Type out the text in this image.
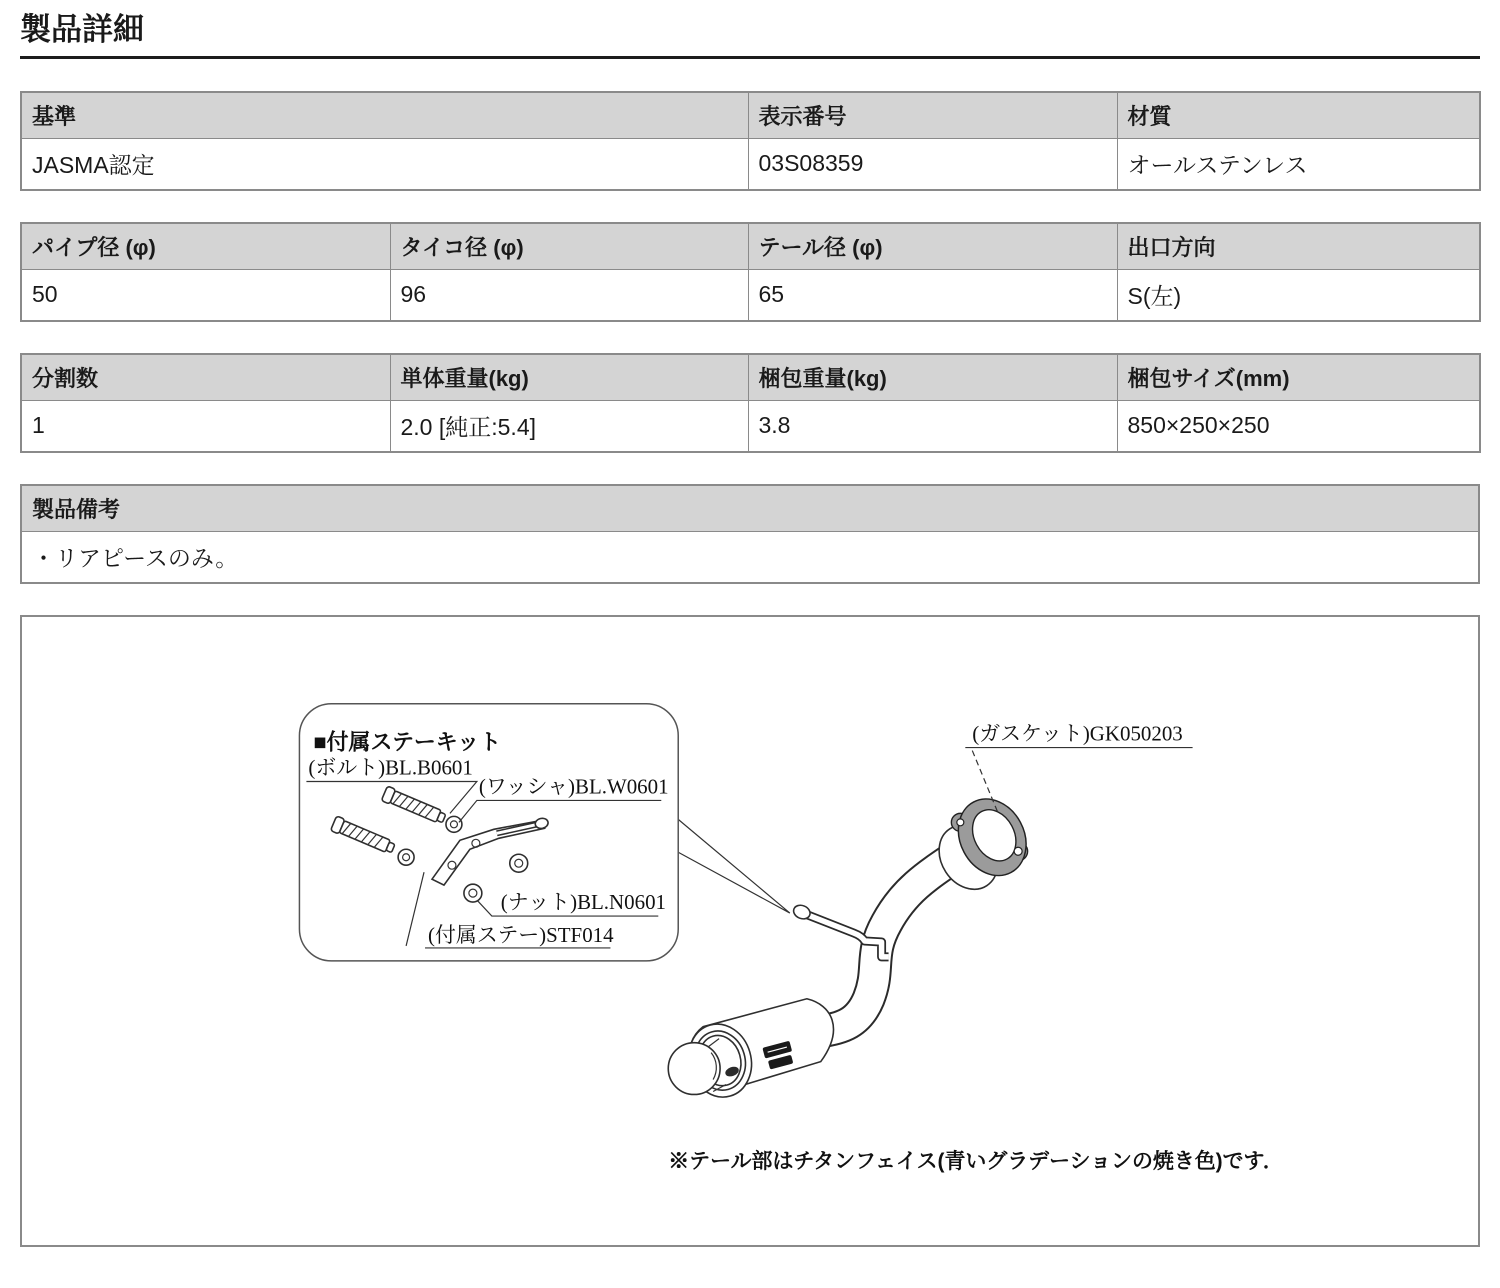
製品詳細
基準	表示番号	材質
JASMA認定	03S08359	オールステンレス
パイプ径 (φ)	タイコ径 (φ)	テール径 (φ)	出口方向
50	96	65	S(左)
分割数	単体重量(kg)	梱包重量(kg)	梱包サイズ(mm)
1	2.0 [純正:5.4]	3.8	850×250×250
製品備考
・リアピースのみ。
■付属ステーキット
(ボルト)BL.B0601
(ワッシャ)BL.W0601
(ナット)BL.N0601
(付属ステー)STF014
(ガスケット)GK050203
※テール部はチタンフェイス(青いグラデーションの焼き色)です．
